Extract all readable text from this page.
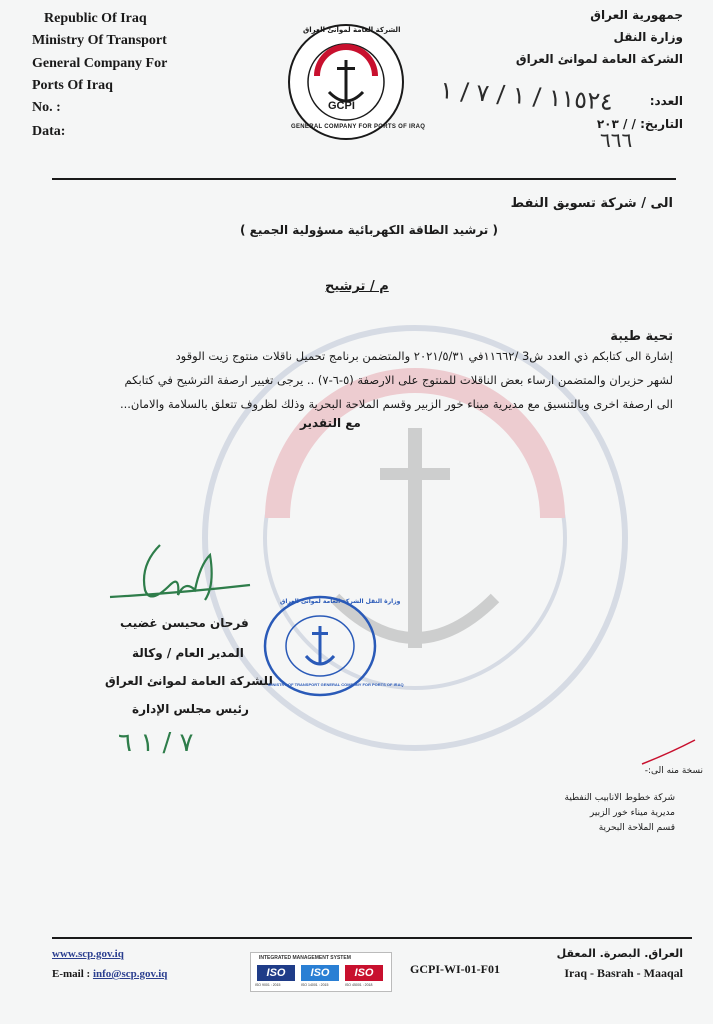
Republic Of Iraq
Ministry Of Transport
General Company For
Ports Of Iraq
No. :
Data:
GCPI
GENERAL COMPANY FOR PORTS OF IRAQ
الشركة العامة لموانئ العراق
جمهورية العراق
وزارة النقل
الشركة العامة لموانئ العراق
العدد:
التاريخ: / / ٢٠٣
١١٥٢٤ / ١ / ٧ / ١
٦٦٦
الى / شركة تسويق النفط
( ترشيد الطاقة الكهربائية مسؤولية الجميع )
م / ترشيح
تحية طيبة
إشارة الى كتابكم ذي العدد ش3 /١١٦٦٢في ٢٠٢١/٥/٣١ والمتضمن برنامج تحميل ناقلات منتوج زيت الوقود
لشهر حزيران والمتضمن ارساء بعض الناقلات للمنتوج على الارصفة (٥-٦-٧) .. يرجى تغيير ارصفة الترشيح في كتابكم
الى ارصفة اخرى وبالتنسيق مع مديرية ميناء خور الزبير وقسم الملاحة البحرية وذلك لظروف تتعلق بالسلامة والامان...
مع التقدير
فرحان محيسن غضيب
المدير العام / وكالة
للشركة العامة لموانئ العراق
رئيس مجلس الإدارة
٧ / ١ ٦
وزارة النقل الشركة العامة لموانئ العراق
MINISTRY OF TRANSPORT GENERAL COMPANY FOR PORTS OF IRAQ
نسخة منه الى:-
شركة خطوط الانابيب النفطية
مديرية ميناء خور الزبير
قسم الملاحة البحرية
www.scp.gov.iq
E-mail : info@scp.gov.iq
INTEGRATED MANAGEMENT SYSTEM
ISO	ISO	ISO
ISO 9001 : 2015	ISO 14001 : 2015	ISO 45001 : 2018
GCPI-WI-01-F01
العراق. البصرة. المعقل
Iraq - Basrah - Maaqal
